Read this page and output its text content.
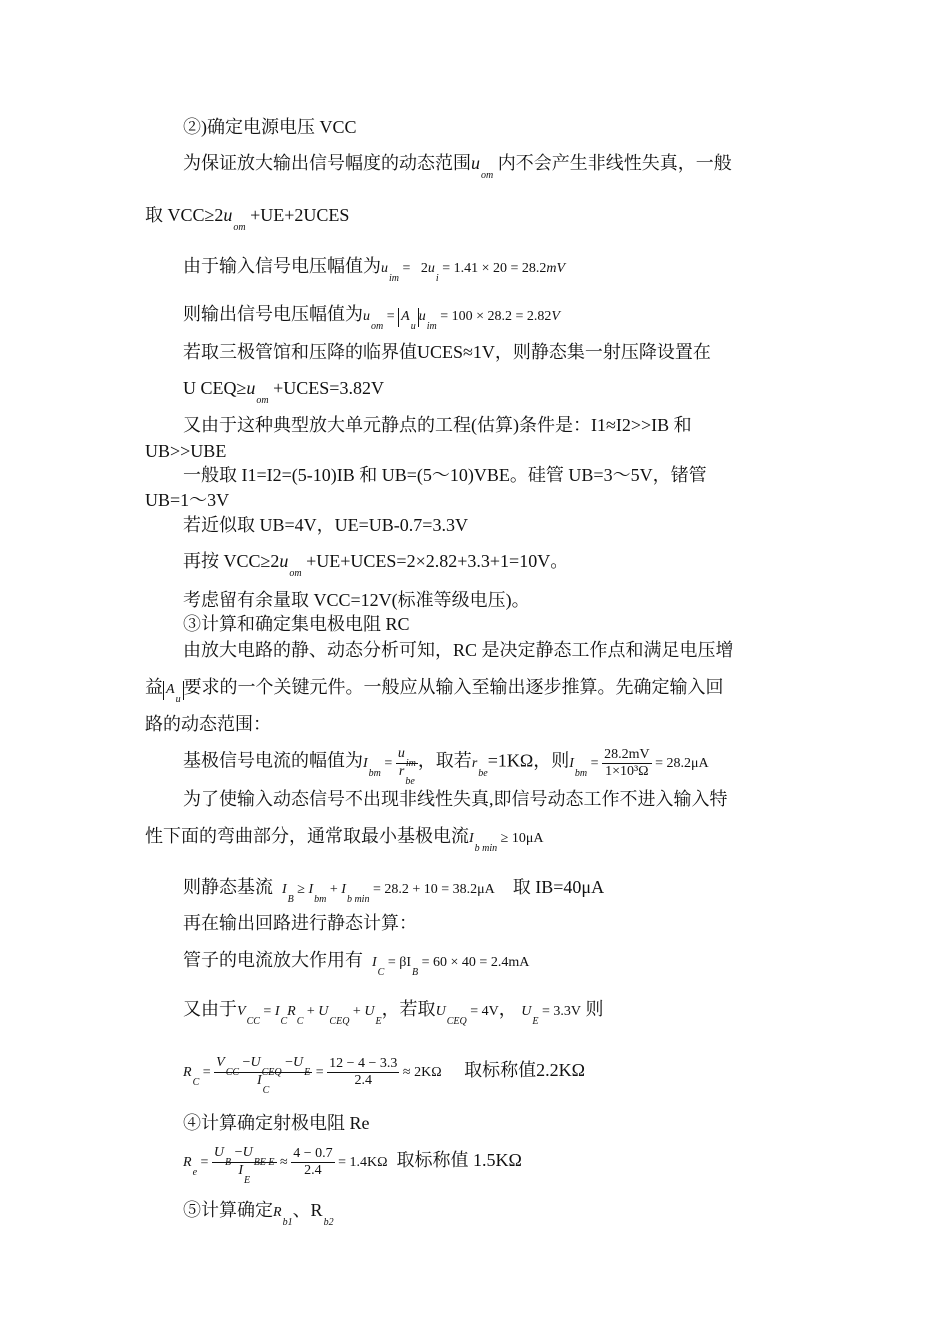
②)确定电源电压 VCC
为保证放大输出信号幅度的动态范围$u_{om}$ 内不会产生非线性失真，一般
取 $VCC\ge 2u_{om}$ +UE+2UCES
由于输入信号电压幅值为$u_{im} = 2u_i = 1.41 \times 20 = 28.2mV$
则输出信号电压幅值为$u_{om} = A_uu_{im} = 100 \times 28.2 = 2.82V$
若取三极管馆和压降的临界值UCES≈1V，则静态集一射压降设置在
U $CEQ\ge u_{om}$ +UCES=3.82V
又由于这种典型放大单元静点的工程(估算)条件是：I1≈I2>>IB 和
UB>>UBE
一般取 I1=I2=(5-10)IB 和 UB=(5～10)VBE。硅管 UB=3～5V，锗管
UB=1～3V
若近似取 UB=4V，UE=UB-0.7=3.3V
再按 $VCC\ge 2u_{om}$ +UE+UCES=2×2.82+3.3+1=10V。
考虑留有余量取 VCC=12V(标准等级电压)。
③计算和确定集电极电阻 RC
由放大电路的静、动态分析可知，RC 是决定静态工作点和满足电压增
益 $A_u$要求的一个关键元件。一般应从输入至输出逐步推算。先确定输入回
路的动态范围：
基极信号电流的幅值为$I_{bm} = \frac{u_{im}}{r_{be}}$ ，取若$r_{be}=1K\Omega$，则$I_{bm} = \frac{28.2mV}{\text{1×10³Ω}} = 28.2\mu A$
为了使输入动态信号不出现非线性失真,即信号动态工作不进入输入特
性下面的弯曲部分，通常取最小基极电流$I_{b min} \ge 10\mu A$
则静态基流 $I_B \ge I_{bm} + I_{b min} = 28.2 + 10 = 38.2\mu A$ 取 IB=40μA
再在输出回路进行静态计算：
管子的电流放大作用有 $I_C = \beta I_B = 60 \times 40 = 2.4mA$
又由于$V_{CC} = I_CR_C + U_{CEQ} + U_E$，若取$U_{CEQ} = 4V$， $U_E = 3.3V$ 则
$R_C = \frac{V_{CC} -U_{CEQ} -U_E}{I_C} = \frac{12 - 4 - 3.3}{2.4} \approx 2K\Omega$ 取标称值2.2KΩ
④计算确定射极电阻 Re
$R_e = \frac{U_B -U_{BE E}}{I_E} \approx \frac{4 - 0.7}{2.4} = 1.4K\Omega$ 取标称值 1.5KΩ
⑤计算确定$R_{b1}$、$R_{b2}$
